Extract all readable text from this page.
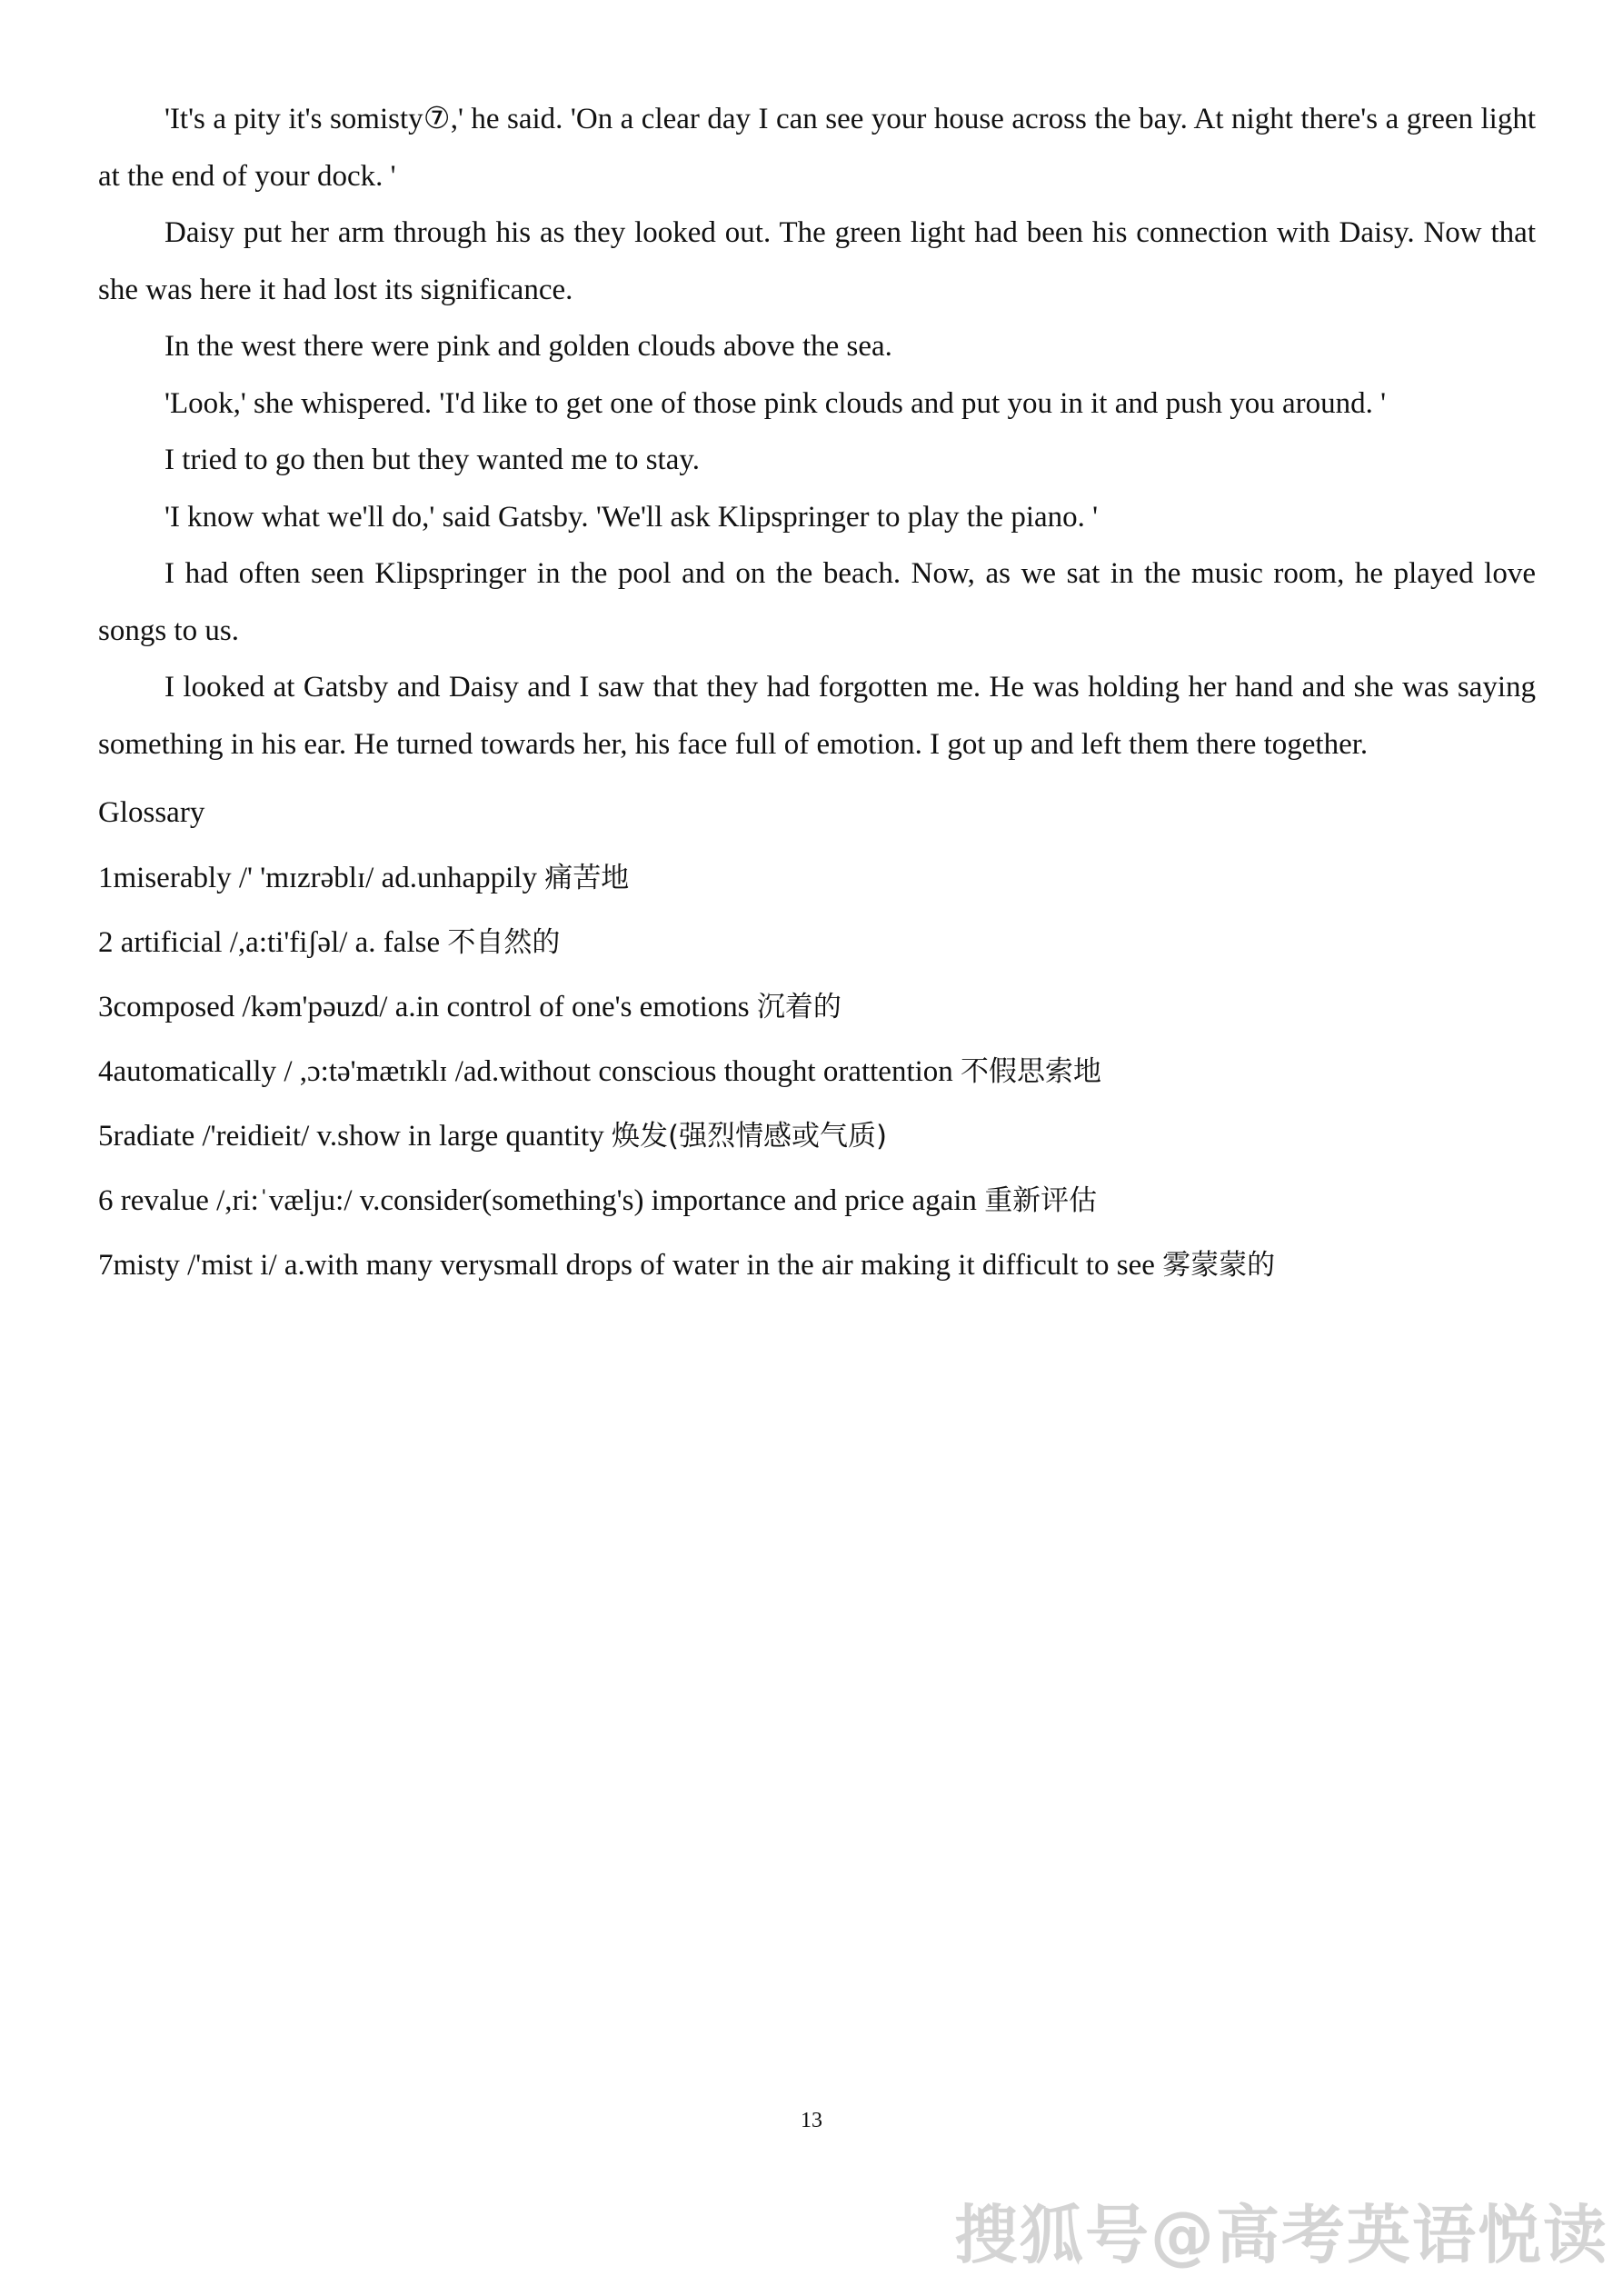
'It's a pity it's somisty⑦,' he said. 'On a clear day I can see your house across the bay. At night there's a green light at the end of your dock. '

Daisy put her arm through his as they looked out. The green light had been his connection with Daisy. Now that she was here it had lost its significance.

In the west there were pink and golden clouds above the sea.

'Look,' she whispered. 'I'd like to get one of those pink clouds and put you in it and push you around. '

I tried to go then but they wanted me to stay.

'I know what we'll do,' said Gatsby. 'We'll ask Klipspringer to play the piano. '

I had often seen Klipspringer in the pool and on the beach. Now, as we sat in the music room, he played love songs to us.

I looked at Gatsby and Daisy and I saw that they had forgotten me. He was holding her hand and she was saying something in his ear. He turned towards her, his face full of emotion. I got up and left them there together.

Glossary

1miserably /' 'mɪzrəblɪ/ ad.unhappily 痛苦地

2 artificial /,a:ti'fiʃəl/ a. false 不自然的

3composed /kəm'pəuzd/ a.in control of one's emotions 沉着的

4automatically / ,ɔ:tə'mætɪklɪ /ad.without conscious thought orattention 不假思索地

5radiate /'reidieit/ v.show in large quantity 焕发(强烈情感或气质)

6 revalue /,ri:ˈvælju:/ v.consider(something's) importance and price again 重新评估

7misty /'mist i/ a.with many verysmall drops of water in the air making it difficult to see 雾蒙蒙的

13
搜狐号@高考英语悦读
